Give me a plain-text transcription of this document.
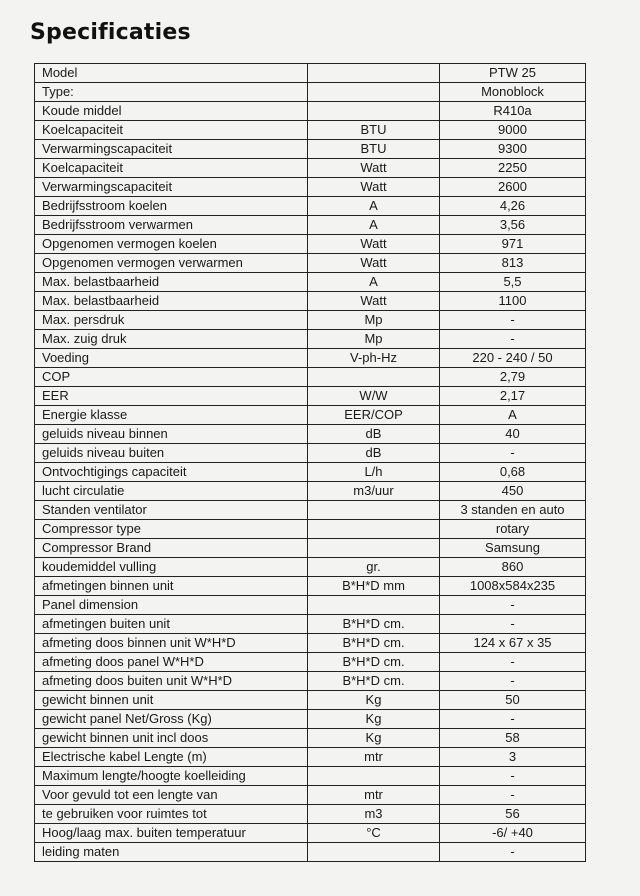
Specificaties
Model		PTW 25
Type:		Monoblock
Koude middel		R410a
Koelcapaciteit	BTU	9000
Verwarmingscapaciteit	BTU	9300
Koelcapaciteit	Watt	2250
Verwarmingscapaciteit	Watt	2600
Bedrijfsstroom koelen	A	4,26
Bedrijfsstroom verwarmen	A	3,56
Opgenomen vermogen koelen	Watt	971
Opgenomen vermogen verwarmen	Watt	813
Max. belastbaarheid	A	5,5
Max. belastbaarheid	Watt	1100
Max. persdruk	Mp	-
Max. zuig druk	Mp	-
Voeding	V-ph-Hz	220 - 240 / 50
COP		2,79
EER	W/W	2,17
Energie klasse	EER/COP	A
geluids niveau binnen	dB	40
geluids niveau buiten	dB	-
Ontvochtigings capaciteit	L/h	0,68
lucht circulatie	m3/uur	450
Standen ventilator		3 standen en auto
Compressor type		rotary
Compressor Brand		Samsung
koudemiddel vulling	gr.	860
afmetingen binnen unit	B*H*D mm	1008x584x235
Panel dimension		-
afmetingen buiten unit	B*H*D cm.	-
afmeting doos binnen unit W*H*D	B*H*D cm.	124 x 67 x 35
afmeting doos panel W*H*D	B*H*D cm.	-
afmeting doos buiten unit W*H*D	B*H*D cm.	-
gewicht binnen unit	Kg	50
gewicht panel Net/Gross (Kg)	Kg	-
gewicht binnen unit incl doos	Kg	58
Electrische kabel Lengte (m)	mtr	3
Maximum lengte/hoogte koelleiding		-
Voor gevuld tot een lengte van	mtr	-
te gebruiken voor ruimtes tot	m3	56
Hoog/laag max. buiten temperatuur	°C	-6/ +40
leiding maten		-
